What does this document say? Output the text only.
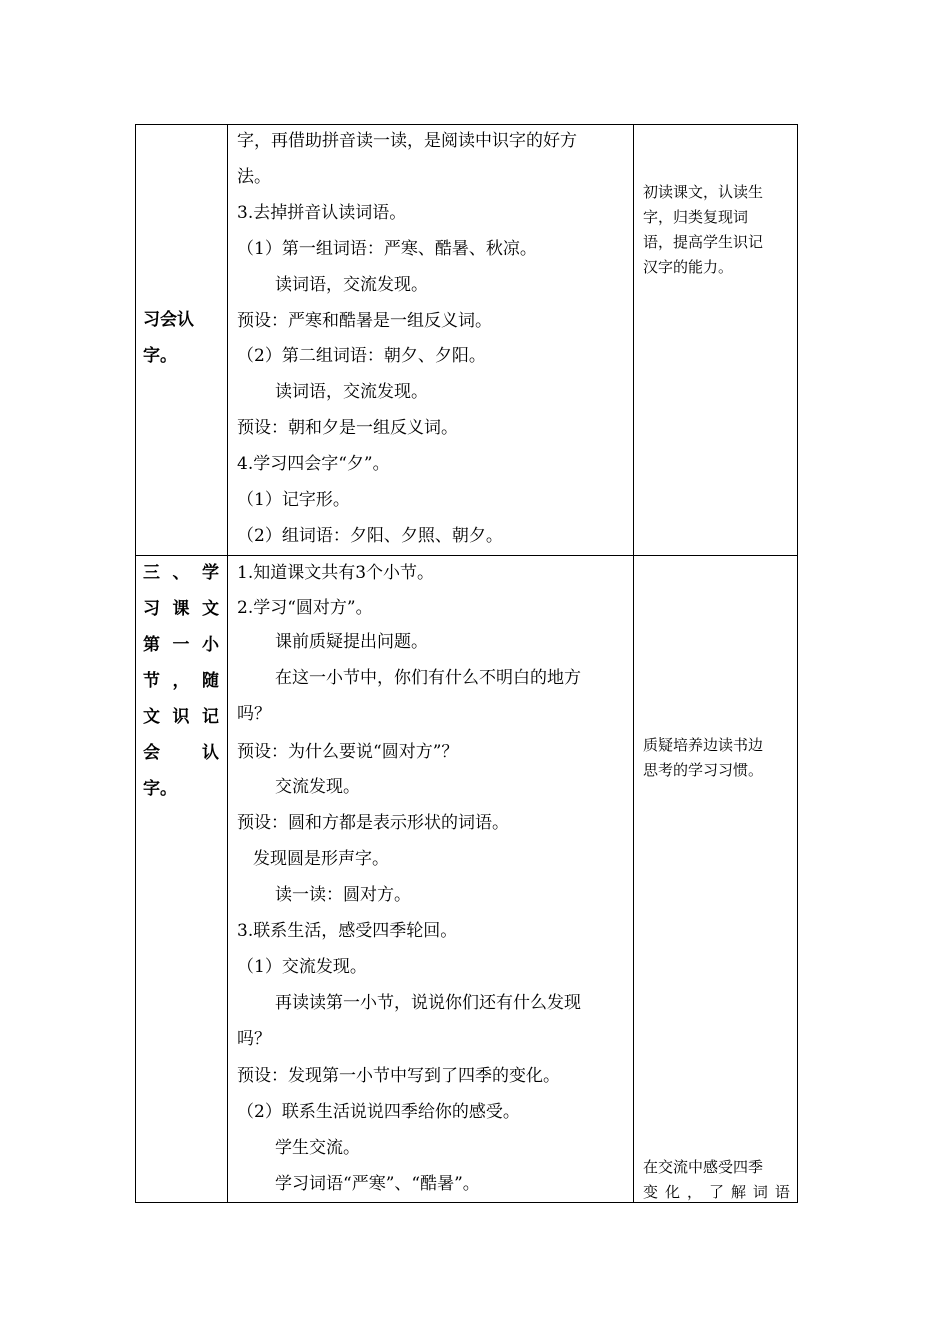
习会认
字。
字，再借助拼音读一读，是阅读中识字的好方
法。
3.去掉拼音认读词语。
（1）第一组词语：严寒、酷暑、秋凉。
读词语，交流发现。
预设：严寒和酷暑是一组反义词。
（2）第二组词语：朝夕、夕阳。
读词语，交流发现。
预设：朝和夕是一组反义词。
4.学习四会字“夕”。
（1）记字形。
（2）组词语：夕阳、夕照、朝夕。
初读课文，认读生
字，归类复现词
语，提高学生识记
汉字的能力。
三 、 学
习 课 文
第 一 小
节 ， 随
文 识 记
会 认
字。
1.知道课文共有3个小节。
2.学习“圆对方”。
课前质疑提出问题。
在这一小节中，你们有什么不明白的地方
吗？
预设：为什么要说“圆对方”？
交流发现。
预设：圆和方都是表示形状的词语。
发现圆是形声字。
读一读：圆对方。
3.联系生活，感受四季轮回。
（1）交流发现。
再读读第一小节，说说你们还有什么发现
吗？
预设：发现第一小节中写到了四季的变化。
（2）联系生活说说四季给你的感受。
学生交流。
学习词语“严寒”、“酷暑”。
质疑培养边读书边
思考的学习习惯。
在交流中感受四季
变 化 ， 了 解 词 语
